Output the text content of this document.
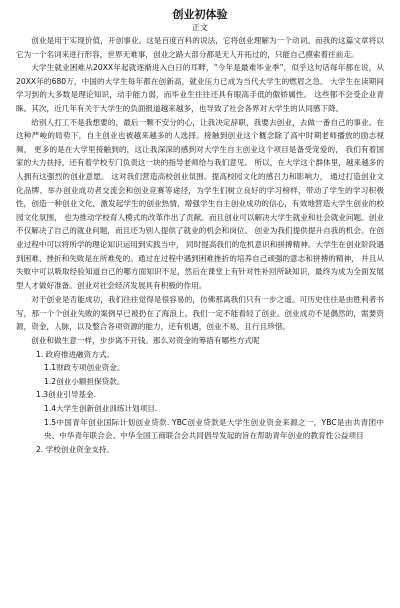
创业初体验
正文

创业是用于实现价值，开创事业。这是百度百科的说法，它将创业理解为一个动词。而我的这篇文章将以它为一个名词来进行形容，世界无难事，创业之路大部分都是无人开拓过的，只能自己摸索着往前走。

大学生就业困难从20XX年起就逐渐进入白日的耳畔，“今年是最难毕业季”，似乎这句话每年都在说，从20XX年的680万，中国的大学生每年都在创新高，就业压力已成为当代大学生的燃眉之急。 大学生在读期间学习到的大多数是理论知识，动手能力弱，而毕业生往往还具有眼高手低的傲娇属性。 这些都不会受企业青睐。其次，近几年有关于大学生的负面报道越来越多，也导致了社会各界对大学生的认同感下降。

给别人打工不是我想要的，最后一颗不安分的心，让我决定辞职，我要去创业，去做一番自己的事业。在这种严峻的局势下，自主创业也被越来越多的人选择。接触到创业这个概念除了高中时期老师播放的励志视频， 更多的是在大学里接触到的，这让我深深的感到对大学生自主创业这个项目是备受宠爱的， 我们有着国家的大力扶持，还有着学校专门负责这一块的指导老师给与我们意见。 所以，在大学这个群体里，越来越多的人拥有这强烈的创业意愿。 这对我们营造高校创业氛围。提高校园文化的感召力和影响力， 通过打造创业文化品牌、举办创业成功者交流会和创业竞赛等途径，为学生们树立良好的学习榜样，带动了学生的学习积极性，创造一种创业文化，激发起学生的创业热情，增强学生自主创业成功的信心，有效地营造大学生创业的校园文化氛围， 也为推动学校育人模式的改革作出了贡献。而且创业可以解决大学生就业和社会就业问题。创业不仅解决了自己的就业问题，而且还为别人提供了就业的机会和岗位。 创业为我们提供提升自我的机会。在创业过程中可以将所学的理论知识运用到实践当中， 同时提高我们的危机意识和拼搏精神。大学生在创业阶段遇到困难、挫折和失败是在所难免的。通过在过程中遇到困难挫折的培养自己顽强的意志和拼搏的精神， 并且从失败中可以吸取经验知道自己的哪方面知识不足，然后在课堂上有针对性补回所缺知识，最终为成为全面发展型人才做好准备。创业对社会经济发展具有积极的作用。

对于创业是否能成功，我们往往觉得是很容易的，仿佛那离我们只有一步之遥。可历史往往是由胜利者书写，那一个个创业失败的案例早已被扔在了海浪上。我们一定不能看轻了创业。创业成功不是偶然的，需要资源，资金，人脉，以及整合各项资源的能力，还有机遇，创业不易，且行且珍惜。

创业和做生意一样，步步离不开钱。那么对资金的筹措有哪些方式呢

1. 政府推进融资方式。
1.1财政专项创业资金。
1.2创业小额担保贷款。
1.3创业引导基金.
1.4大学生创新创业训练计划项目.

1.5中国青年创业国际计划创业贷款. YBC创业贷款是大学生创业资金来源之一，YBC是由共青团中央、中华青年联合会、中华全国工商联合会共同倡导发起的旨在帮助青年创业的教育性公益项目

2. 学校创业资金支持。
